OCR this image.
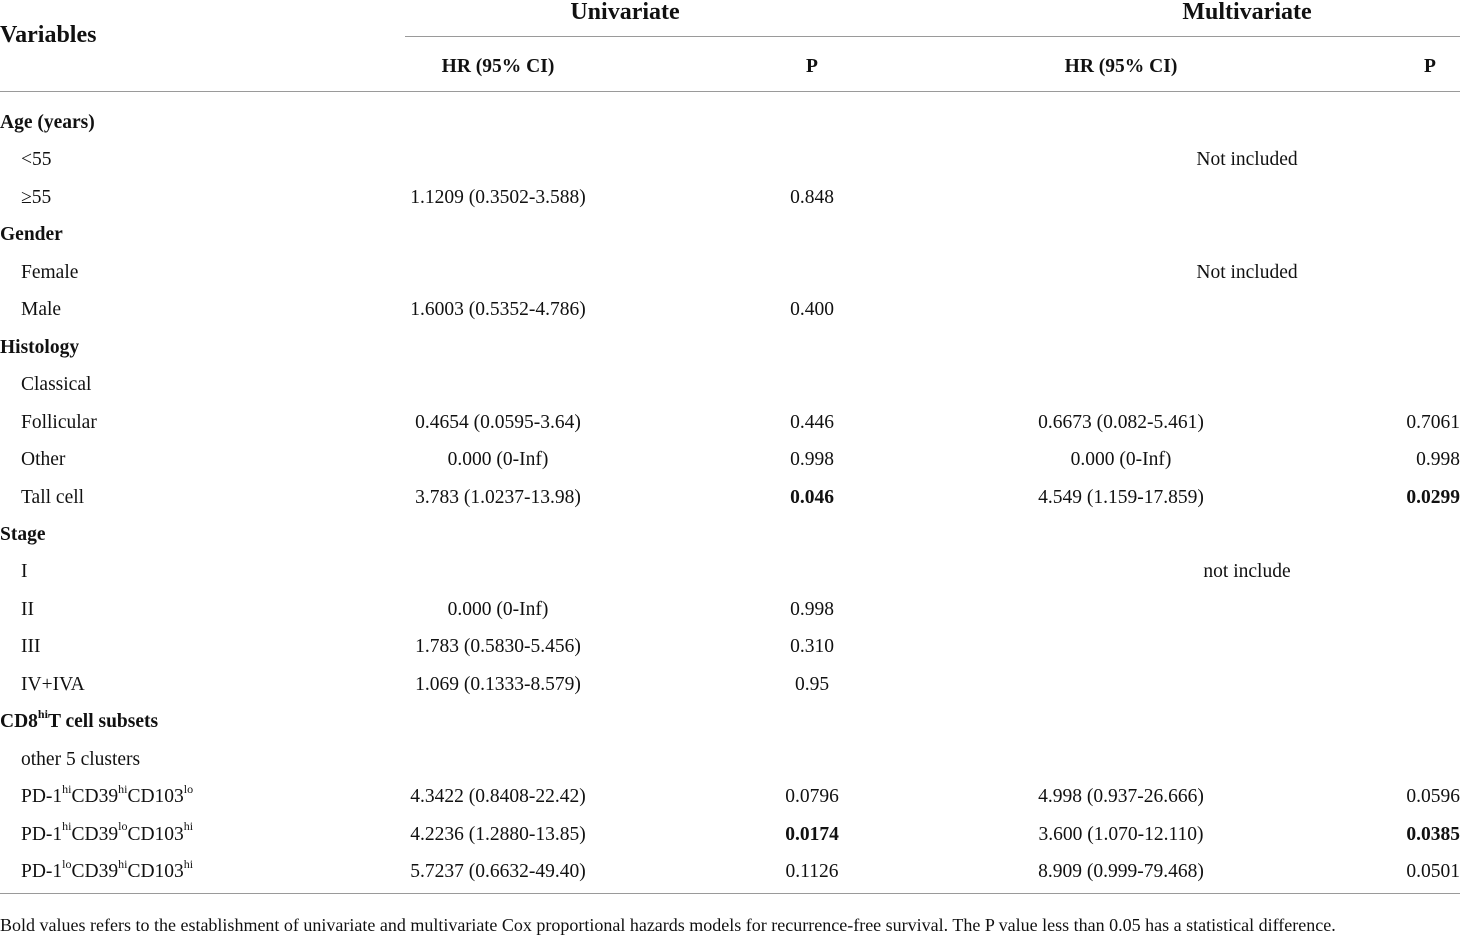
Variables
Univariate	Multivariate
HR (95% CI)	P	HR (95% CI)	P
Age (years)
<55	Not included
≥55	1.1209 (0.3502-3.588)	0.848
Gender
Female	Not included
Male	1.6003 (0.5352-4.786)	0.400
Histology
Classical
Follicular	0.4654 (0.0595-3.64)	0.446	0.6673 (0.082-5.461)	0.7061
Other	0.000 (0-Inf)	0.998	0.000 (0-Inf)	0.998
Tall cell	3.783 (1.0237-13.98)	0.046	4.549 (1.159-17.859)	0.0299
Stage
I	not include
II	0.000 (0-Inf)	0.998
III	1.783 (0.5830-5.456)	0.310
IV+IVA	1.069 (0.1333-8.579)	0.95
$CD8^{hi}T$ cell subsets
other 5 clusters
$PD-1^{hi}CD39^{hi}CD103^{lo}$	4.3422 (0.8408-22.42)	0.0796	4.998 (0.937-26.666)	0.0596
$PD-1^{hi}CD39^{lo}CD103^{hi}$	4.2236 (1.2880-13.85)	0.0174	3.600 (1.070-12.110)	0.0385
$PD-1^{lo}CD39^{hi}CD103^{hi}$	5.7237 (0.6632-49.40)	0.1126	8.909 (0.999-79.468)	0.0501
Bold values refers to the establishment of univariate and multivariate Cox proportional hazards models for recurrence-free survival. The P value less than 0.05 has a statistical difference.
